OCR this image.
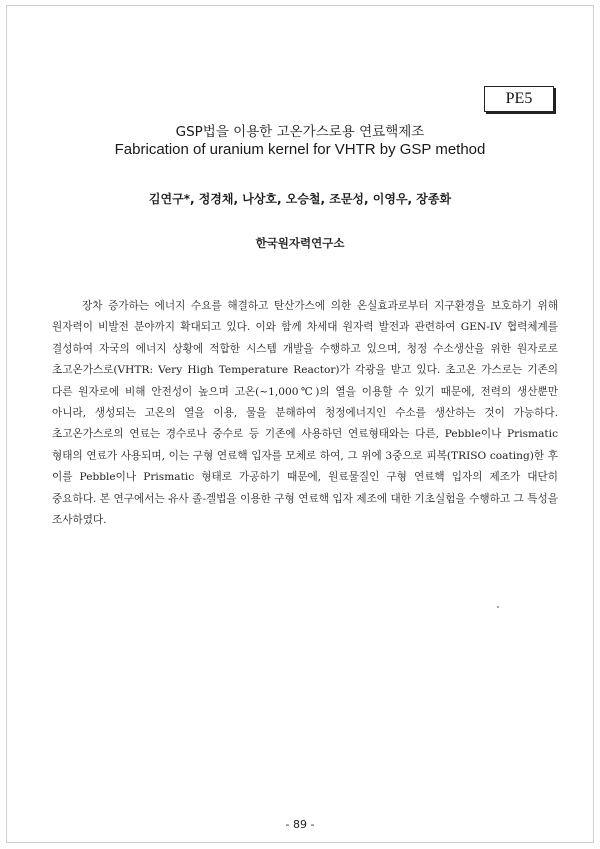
PE5
GSP법을 이용한 고온가스로용 연료핵제조
Fabrication of uranium kernel for VHTR by GSP method
김연구*, 정경채, 나상호, 오승철, 조문성, 이영우, 장종화
한국원자력연구소

장차 증가하는 에너지 수요를 해결하고 탄산가스에 의한 온실효과로부터 지구환경을 보호하기 위해 원자력이 비발전 분야까지 확대되고 있다. 이와 함께 차세대 원자력 발전과 관련하여 GEN-IV 협력체계를 결성하여 자국의 에너지 상황에 적합한 시스템 개발을 수행하고 있으며, 청정 수소생산을 위한 원자로로 초고온가스로(VHTR: Very High Temperature Reactor)가 각광을 받고 있다. 초고온 가스로는 기존의 다른 원자로에 비해 안전성이 높으며 고온(~1,000℃)의 열을 이용할 수 있기 때문에, 전력의 생산뿐만 아니라, 생성되는 고온의 열을 이용, 물을 분해하여 청정에너지인 수소를 생산하는 것이 가능하다. 초고온가스로의 연료는 경수로나 중수로 등 기존에 사용하던 연료형태와는 다른, Pebble이나 Prismatic 형태의 연료가 사용되며, 이는 구형 연료핵 입자를 모체로 하여, 그 위에 3중으로 피복(TRISO coating)한 후 이를 Pebble이나 Prismatic 형태로 가공하기 때문에, 원료물질인 구형 연료핵 입자의 제조가 대단히 중요하다. 본 연구에서는 유사 졸-겔법을 이용한 구형 연료핵 입자 제조에 대한 기초실험을 수행하고 그 특성을 조사하였다.

- 89 -
